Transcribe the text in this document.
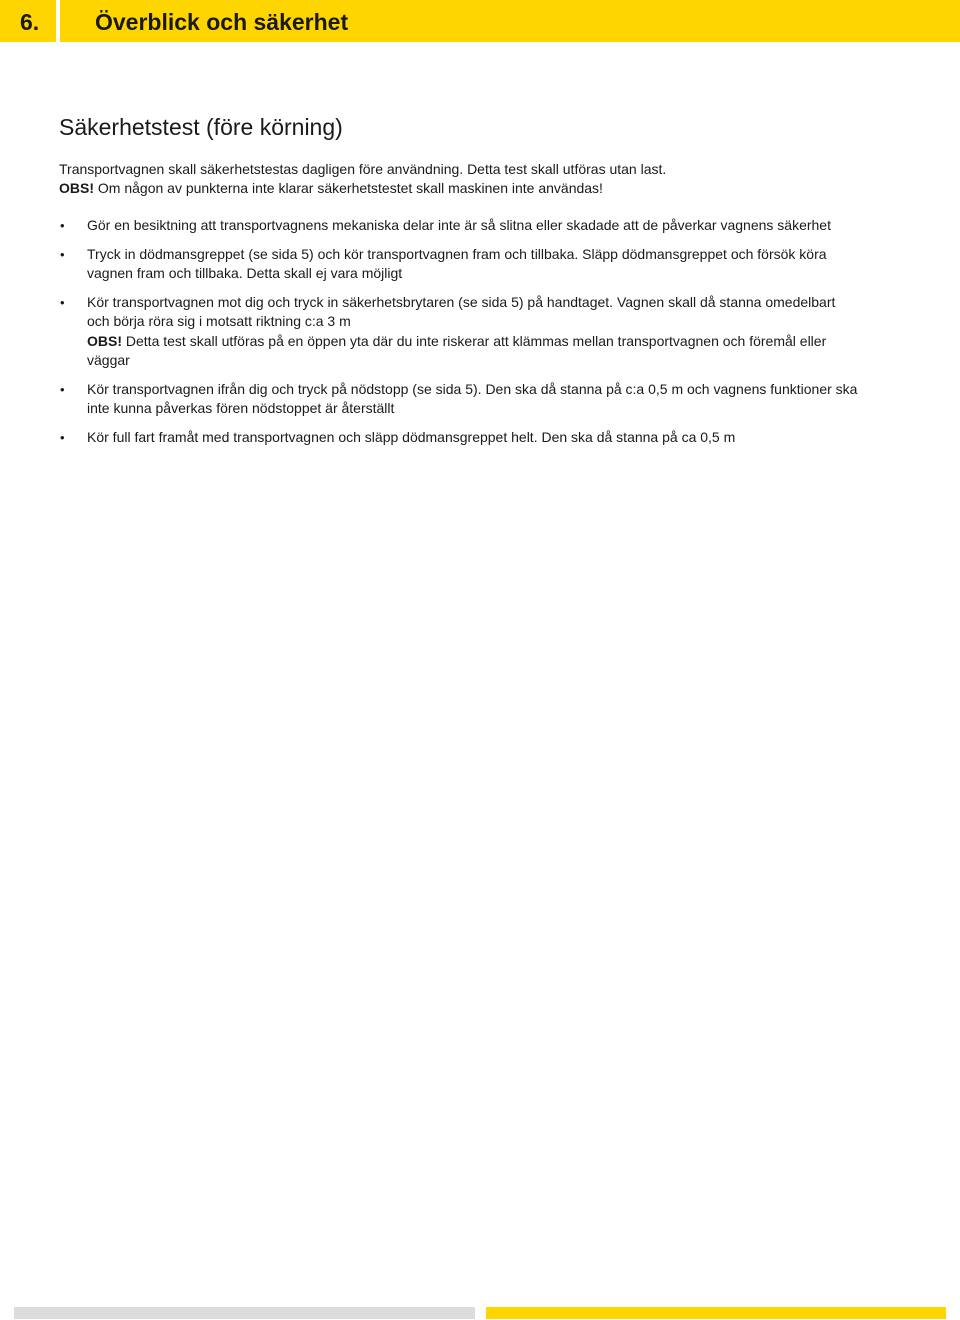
6.	Överblick och säkerhet
Säkerhetstest (före körning)
Transportvagnen skall säkerhetstestas dagligen före användning. Detta test skall utföras utan last.
OBS! Om någon av punkterna inte klarar säkerhetstestet skall maskinen inte användas!
• Gör en besiktning att transportvagnens mekaniska delar inte är så slitna eller skadade att de påverkar vagnens säkerhet
• Tryck in dödmansgreppet (se sida 5) och kör transportvagnen fram och tillbaka. Släpp dödmansgreppet och försök köra vagnen fram och tillbaka. Detta skall ej vara möjligt
• Kör transportvagnen mot dig och tryck in säkerhetsbrytaren (se sida 5) på handtaget. Vagnen skall då stanna omedelbart och börja röra sig i motsatt riktning c:a 3 m
OBS! Detta test skall utföras på en öppen yta där du inte riskerar att klämmas mellan transportvagnen och föremål eller väggar
• Kör transportvagnen ifrån dig och tryck på nödstopp (se sida 5). Den ska då stanna på c:a 0,5 m och vagnens funktioner ska inte kunna påverkas fören nödstoppet är återställt
• Kör full fart framåt med transportvagnen och släpp dödmansgreppet helt. Den ska då stanna på ca 0,5 m
